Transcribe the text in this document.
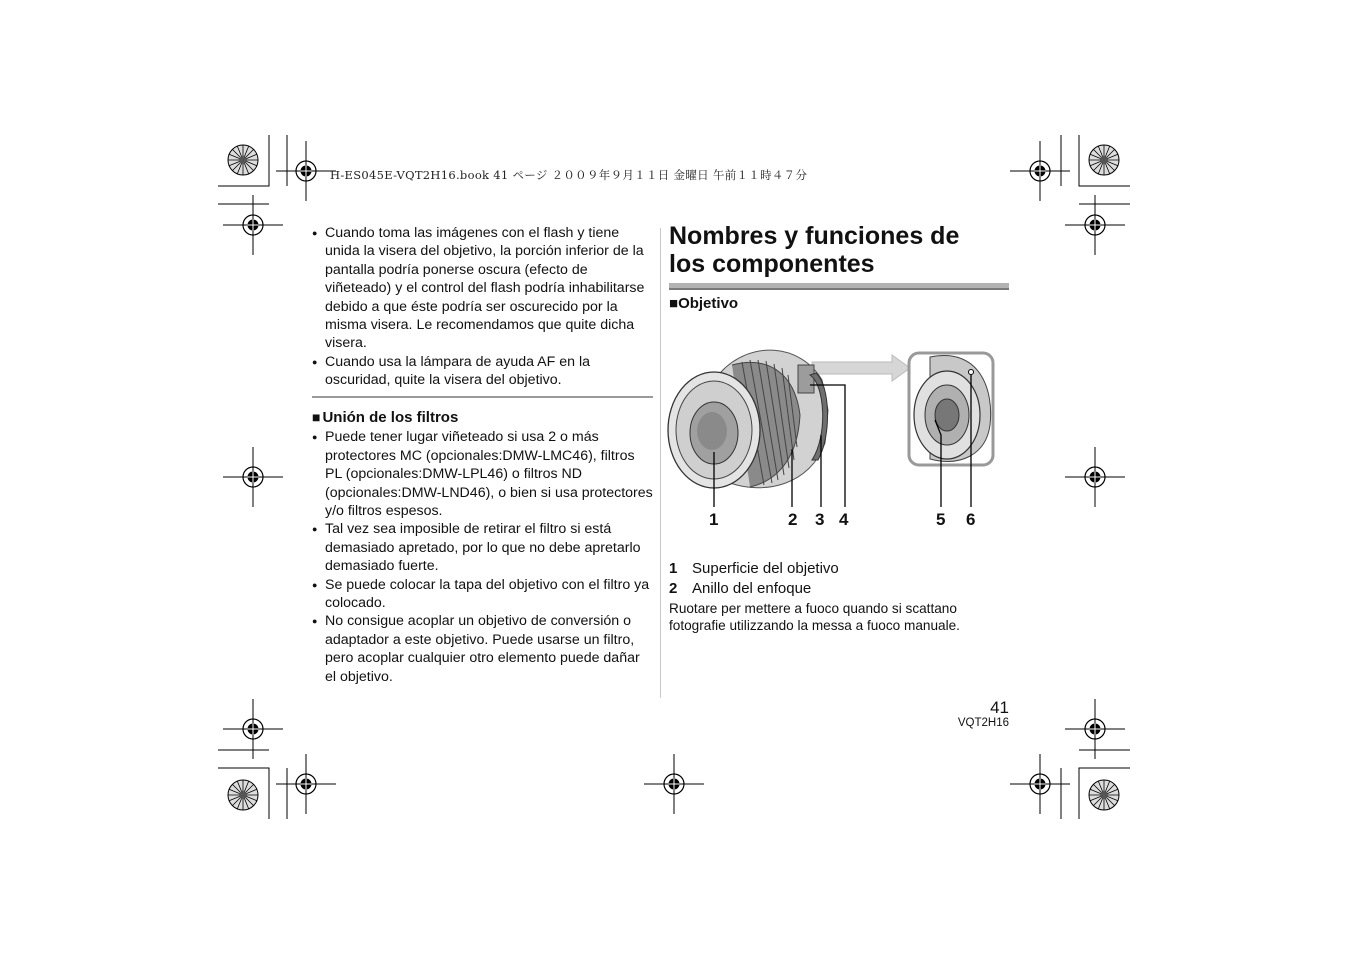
H-ES045E-VQT2H16.book 41 ページ ２００９年９月１１日 金曜日 午前１１時４７分

● Cuando toma las imágenes con el flash y tiene unida la visera del objetivo, la porción inferior de la pantalla podría ponerse oscura (efecto de viñeteado) y el control del flash podría inhabilitarse debido a que éste podría ser oscurecido por la misma visera. Le recomendamos que quite dicha visera.

● Cuando usa la lámpara de ayuda AF en la oscuridad, quite la visera del objetivo.

■ Unión de los filtros

● Puede tener lugar viñeteado si usa 2 o más protectores MC (opcionales:DMW-LMC46), filtros PL (opcionales:DMW-LPL46) o filtros ND (opcionales:DMW-LND46), o bien si usa protectores y/o filtros espesos.

● Tal vez sea imposible de retirar el filtro si está demasiado apretado, por lo que no debe apretarlo demasiado fuerte.

● Se puede colocar la tapa del objetivo con el filtro ya colocado.

● No consigue acoplar un objetivo de conversión o adaptador a este objetivo. Puede usarse un filtro, pero acoplar cualquier otro elemento puede dañar el objetivo.

Nombres y funciones de
los componentes
■Objetivo
1	2 3 4	5 6
1 Superficie del objetivo
2 Anillo del enfoque
Ruotare per mettere a fuoco quando si scattano fotografie utilizzando la messa a fuoco manuale.
41
VQT2H16
